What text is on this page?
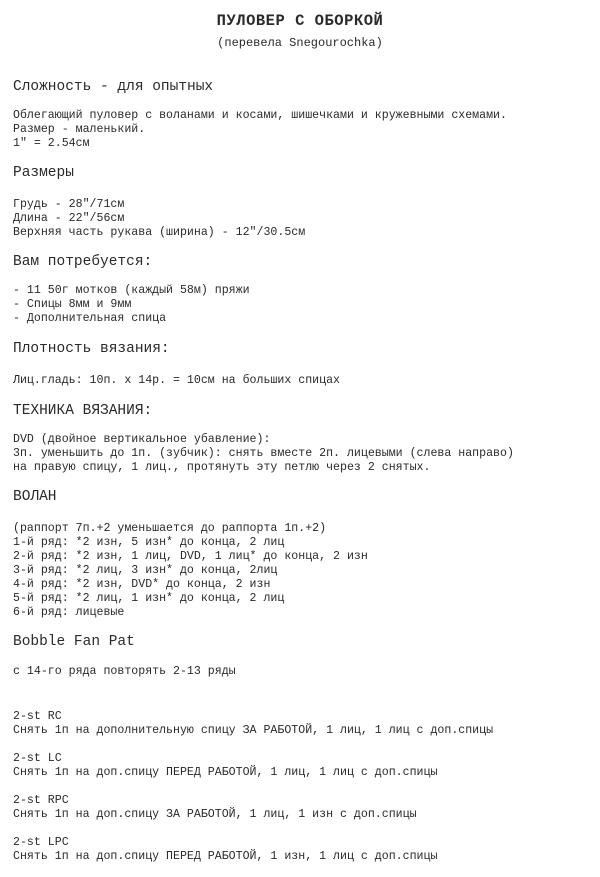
ПУЛОВЕР С ОБОРКОЙ
(перевела Snegourochka)
Сложность - для опытных
Облегающий пуловер с воланами и косами, шишечками и кружевными схемами.
Размер - маленький.
1" = 2.54см
Размеры
Грудь - 28"/71см
Длина - 22"/56см
Верхняя часть рукава (ширина) - 12"/30.5см
Вам потребуется:
- 11 50г мотков (каждый 58м) пряжи
- Спицы 8мм и 9мм
- Дополнительная спица
Плотность вязания:
Лиц.гладь: 10п. х 14р. = 10см на больших спицах
ТЕХНИКА ВЯЗАНИЯ:
DVD (двойное вертикальное убавление):
3п. уменьшить до 1п. (зубчик): снять вместе 2п. лицевыми (слева направо)
на правую спицу, 1 лиц., протянуть эту петлю через 2 снятых.
ВОЛАН
(раппорт 7п.+2 уменьшается до раппорта 1п.+2)
1-й ряд: *2 изн, 5 изн* до конца, 2 лиц
2-й ряд: *2 изн, 1 лиц, DVD, 1 лиц* до конца, 2 изн
3-й ряд: *2 лиц, 3 изн* до конца, 2лиц
4-й ряд: *2 изн, DVD* до конца, 2 изн
5-й ряд: *2 лиц, 1 изн* до конца, 2 лиц
6-й ряд: лицевые
Bobble Fan Pat
с 14-го ряда повторять 2-13 ряды
2-st RC
Снять 1п на дополнительную спицу ЗА РАБОТОЙ, 1 лиц, 1 лиц с доп.спицы
2-st LC
Снять 1п на доп.спицу ПЕРЕД РАБОТОЙ, 1 лиц, 1 лиц с доп.спицы
2-st RPC
Снять 1п на доп.спицу ЗА РАБОТОЙ, 1 лиц, 1 изн с доп.спицы
2-st LPC
Снять 1п на доп.спицу ПЕРЕД РАБОТОЙ, 1 изн, 1 лиц с доп.спицы
